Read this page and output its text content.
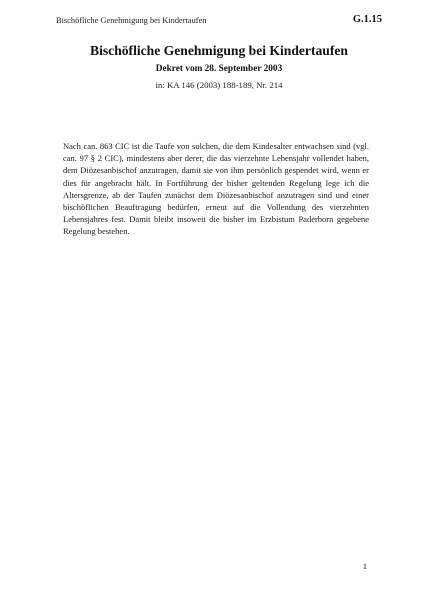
Bischöfliche Genehmigung bei Kindertaufen	G.1.15
Bischöfliche Genehmigung bei Kindertaufen
Dekret vom 28. September 2003
in: KA 146 (2003) 188-189, Nr. 214

Nach can. 863 CIC ist die Taufe von solchen, die dem Kindesalter entwachsen sind (vgl. can. 97 § 2 CIC), mindestens aber derer, die das vierzehnte Lebensjahr vollendet haben, dem Diözesanbischof anzutragen, damit sie von ihm persönlich gespendet wird, wenn er dies für angebracht hält. In Fortführung der bisher geltenden Regelung lege ich die Altersgrenze, ab der Taufen zunächst dem Diözesanbischof anzutragen sind und einer bischöflichen Beauftragung bedürfen, erneut auf die Vollendung des vierzehnten Lebensjahres fest. Damit bleibt insoweit die bisher im Erzbistum Paderborn gegebene Regelung bestehen.

1
